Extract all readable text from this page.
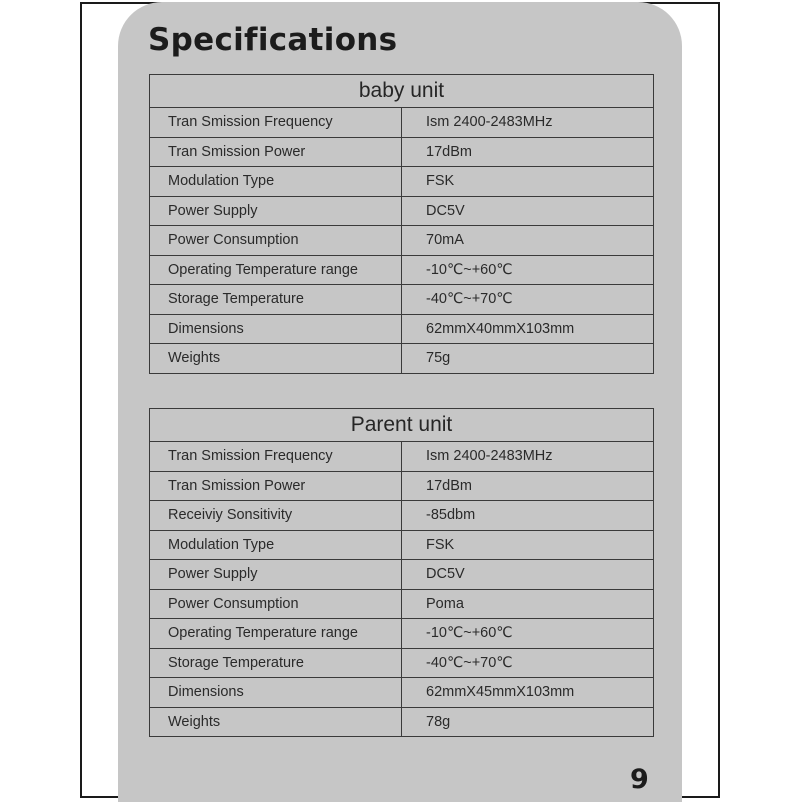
Specifications
baby unit	
Tran Smission Frequency	Ism 2400-2483MHz
Tran Smission Power	17dBm
Modulation Type	FSK
Power Supply	DC5V
Power Consumption	70mA
Operating Temperature range	-10℃~+60℃
Storage Temperature	-40℃~+70℃
Dimensions	62mmX40mmX103mm
Weights	75g
Parent unit	
Tran Smission Frequency	Ism 2400-2483MHz
Tran Smission Power	17dBm
Receiviy Sonsitivity	-85dbm
Modulation Type	FSK
Power Supply	DC5V
Power Consumption	Poma
Operating Temperature range	-10℃~+60℃
Storage Temperature	-40℃~+70℃
Dimensions	62mmX45mmX103mm
Weights	78g
9
